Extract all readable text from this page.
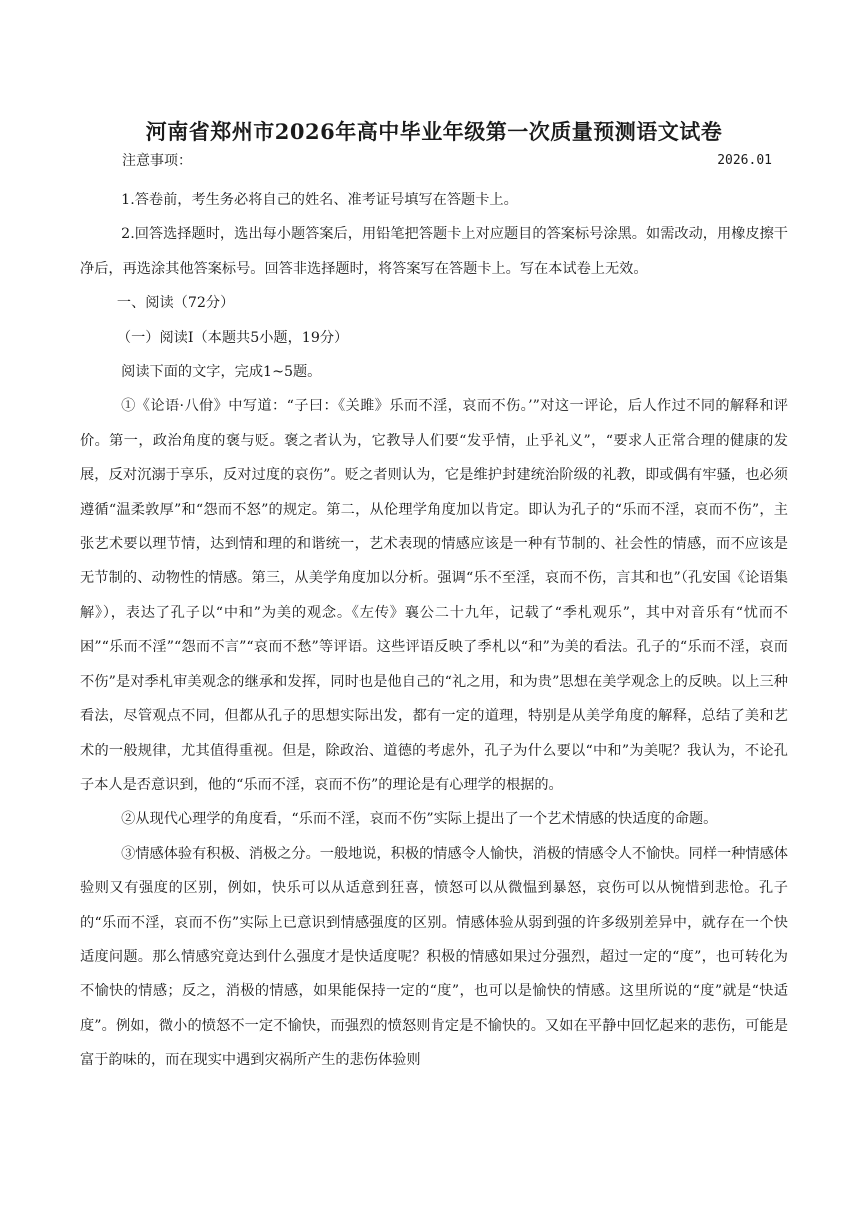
河南省郑州市2026年高中毕业年级第一次质量预测语文试卷
注意事项：	2026.01

1.答卷前，考生务必将自己的姓名、准考证号填写在答题卡上。

2.回答选择题时，选出每小题答案后，用铅笔把答题卡上对应题目的答案标号涂黑。如需改动，用橡皮擦干净后，再选涂其他答案标号。回答非选择题时，将答案写在答题卡上。写在本试卷上无效。

一、阅读（72分）

（一）阅读Ⅰ（本题共5小题，19分）

阅读下面的文字，完成1~5题。

①《论语·八佾》中写道：“子曰：《关雎》乐而不淫，哀而不伤。’”对这一评论，后人作过不同的解释和评价。第一，政治角度的褒与贬。褒之者认为，它教导人们要“发乎情，止乎礼义”，“要求人正常合理的健康的发展，反对沉溺于享乐，反对过度的哀伤”。贬之者则认为，它是维护封建统治阶级的礼教，即或偶有牢骚，也必须遵循“温柔敦厚”和“怨而不怒”的规定。第二，从伦理学角度加以肯定。即认为孔子的“乐而不淫，哀而不伤”，主张艺术要以理节情，达到情和理的和谐统一，艺术表现的情感应该是一种有节制的、社会性的情感，而不应该是无节制的、动物性的情感。第三，从美学角度加以分析。强调“乐不至淫，哀而不伤，言其和也”（孔安国《论语集解》），表达了孔子以“中和”为美的观念。《左传》襄公二十九年，记载了“季札观乐”，其中对音乐有“忧而不困”“乐而不淫”“怨而不言”“哀而不愁”等评语。这些评语反映了季札以“和”为美的看法。孔子的“乐而不淫，哀而不伤”是对季札审美观念的继承和发挥，同时也是他自己的“礼之用，和为贵”思想在美学观念上的反映。以上三种看法，尽管观点不同，但都从孔子的思想实际出发，都有一定的道理，特别是从美学角度的解释，总结了美和艺术的一般规律，尤其值得重视。但是，除政治、道德的考虑外，孔子为什么要以“中和”为美呢？我认为，不论孔子本人是否意识到，他的“乐而不淫，哀而不伤”的理论是有心理学的根据的。

②从现代心理学的角度看，“乐而不淫，哀而不伤”实际上提出了一个艺术情感的快适度的命题。

③情感体验有积极、消极之分。一般地说，积极的情感令人愉快，消极的情感令人不愉快。同样一种情感体验则又有强度的区别，例如，快乐可以从适意到狂喜，愤怒可以从微愠到暴怒，哀伤可以从惋惜到悲怆。孔子的“乐而不淫，哀而不伤”实际上已意识到情感强度的区别。情感体验从弱到强的许多级别差异中，就存在一个快适度问题。那么情感究竟达到什么强度才是快适度呢？积极的情感如果过分强烈，超过一定的“度”，也可转化为不愉快的情感；反之，消极的情感，如果能保持一定的“度”，也可以是愉快的情感。这里所说的“度”就是“快适度”。例如，微小的愤怒不一定不愉快，而强烈的愤怒则肯定是不愉快的。又如在平静中回忆起来的悲伤，可能是富于韵味的，而在现实中遇到灾祸所产生的悲伤体验则
